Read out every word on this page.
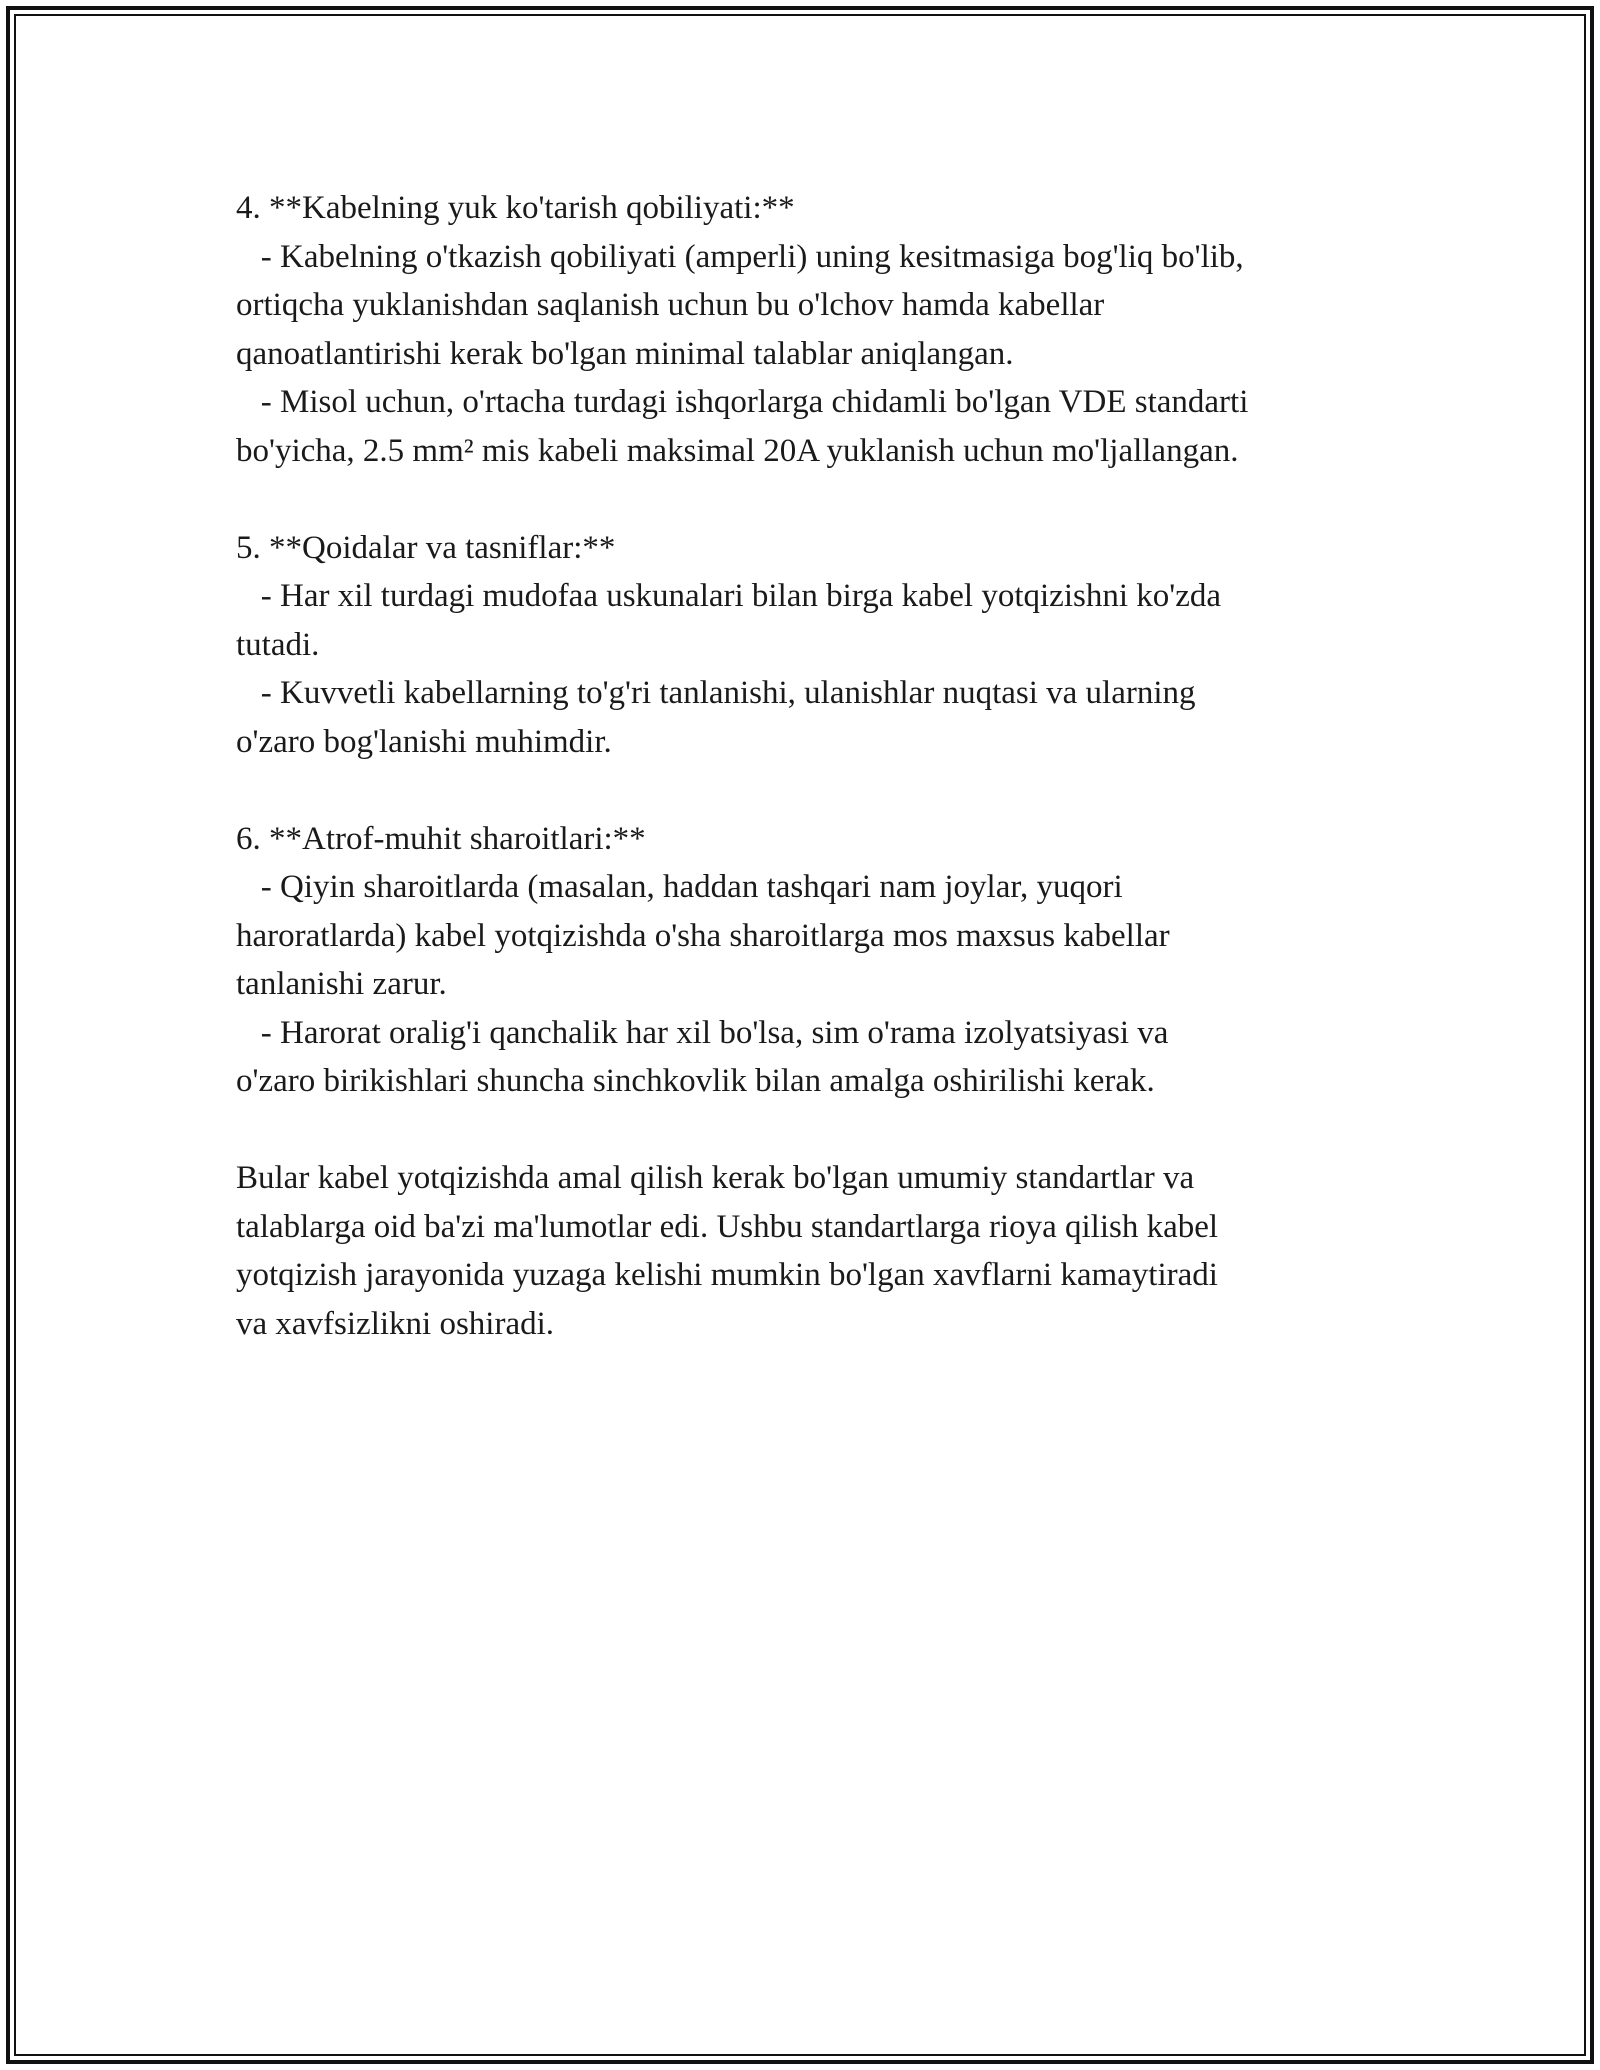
4. **Kabelning yuk ko'tarish qobiliyati:**
- Kabelning o'tkazish qobiliyati (amperli) uning kesitmasiga bog'liq bo'lib,
ortiqcha yuklanishdan saqlanish uchun bu o'lchov hamda kabellar
qanoatlantirishi kerak bo'lgan minimal talablar aniqlangan.
- Misol uchun, o'rtacha turdagi ishqorlarga chidamli bo'lgan VDE standarti
bo'yicha, 2.5 mm² mis kabeli maksimal 20A yuklanish uchun mo'ljallangan.
5. **Qoidalar va tasniflar:**
- Har xil turdagi mudofaa uskunalari bilan birga kabel yotqizishni ko'zda
tutadi.
- Kuvvetli kabellarning to'g'ri tanlanishi, ulanishlar nuqtasi va ularning
o'zaro bog'lanishi muhimdir.
6. **Atrof-muhit sharoitlari:**
- Qiyin sharoitlarda (masalan, haddan tashqari nam joylar, yuqori
haroratlarda) kabel yotqizishda o'sha sharoitlarga mos maxsus kabellar
tanlanishi zarur.
- Harorat oralig'i qanchalik har xil bo'lsa, sim o'rama izolyatsiyasi va
o'zaro birikishlari shuncha sinchkovlik bilan amalga oshirilishi kerak.
Bular kabel yotqizishda amal qilish kerak bo'lgan umumiy standartlar va
talablarga oid ba'zi ma'lumotlar edi. Ushbu standartlarga rioya qilish kabel
yotqizish jarayonida yuzaga kelishi mumkin bo'lgan xavflarni kamaytiradi
va xavfsizlikni oshiradi.
